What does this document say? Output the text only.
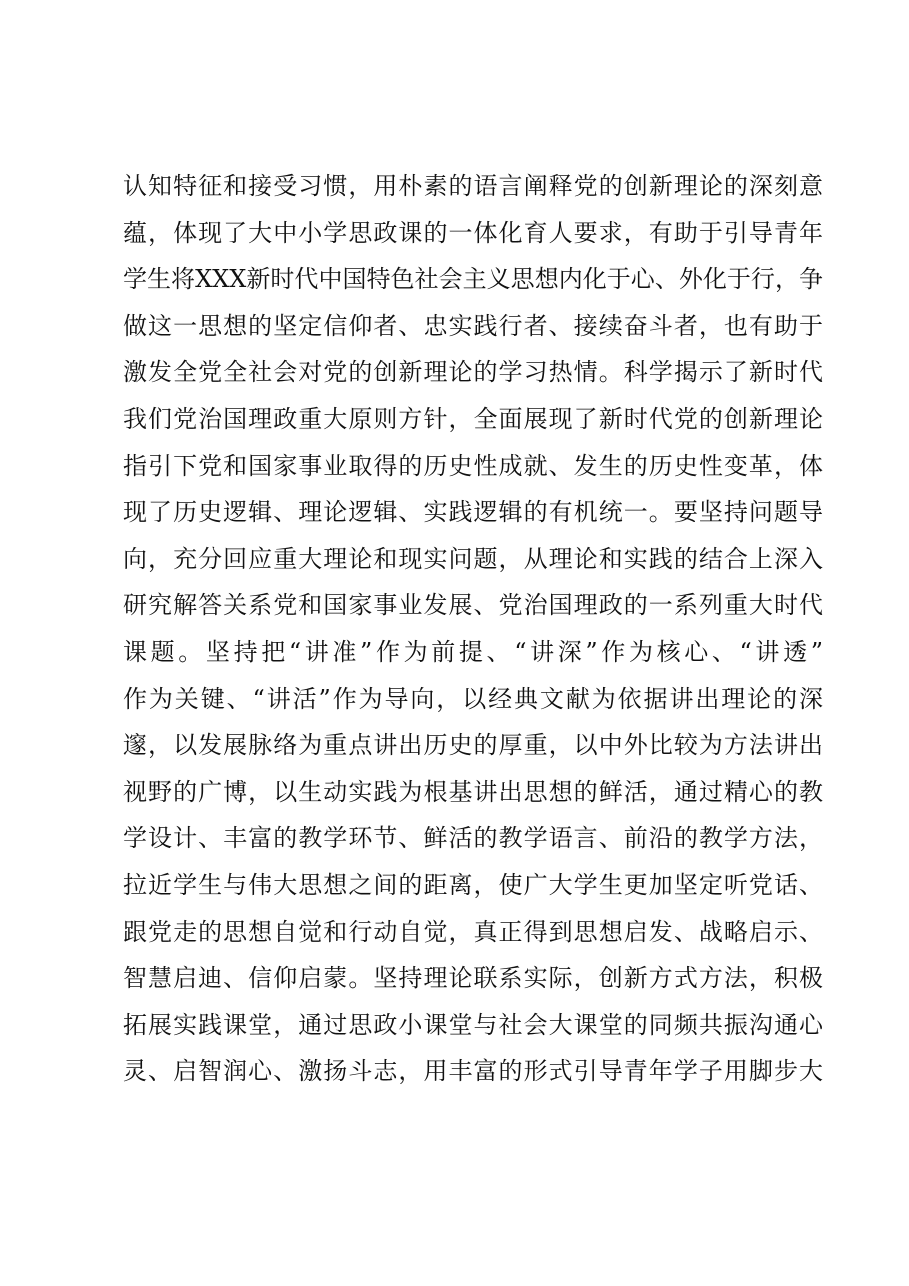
认知特征和接受习惯，用朴素的语言阐释党的创新理论的深刻意
蕴，体现了大中小学思政课的一体化育人要求，有助于引导青年
学生将XXX新时代中国特色社会主义思想内化于心、外化于行，争
做这一思想的坚定信仰者、忠实践行者、接续奋斗者，也有助于
激发全党全社会对党的创新理论的学习热情。科学揭示了新时代
我们党治国理政重大原则方针，全面展现了新时代党的创新理论
指引下党和国家事业取得的历史性成就、发生的历史性变革，体
现了历史逻辑、理论逻辑、实践逻辑的有机统一。要坚持问题导
向，充分回应重大理论和现实问题，从理论和实践的结合上深入
研究解答关系党和国家事业发展、党治国理政的一系列重大时代
课题。坚持把“讲准”作为前提、“讲深”作为核心、“讲透”
作为关键、“讲活”作为导向，以经典文献为依据讲出理论的深
邃，以发展脉络为重点讲出历史的厚重，以中外比较为方法讲出
视野的广博，以生动实践为根基讲出思想的鲜活，通过精心的教
学设计、丰富的教学环节、鲜活的教学语言、前沿的教学方法，
拉近学生与伟大思想之间的距离，使广大学生更加坚定听党话、
跟党走的思想自觉和行动自觉，真正得到思想启发、战略启示、
智慧启迪、信仰启蒙。坚持理论联系实际，创新方式方法，积极
拓展实践课堂，通过思政小课堂与社会大课堂的同频共振沟通心
灵、启智润心、激扬斗志，用丰富的形式引导青年学子用脚步大
